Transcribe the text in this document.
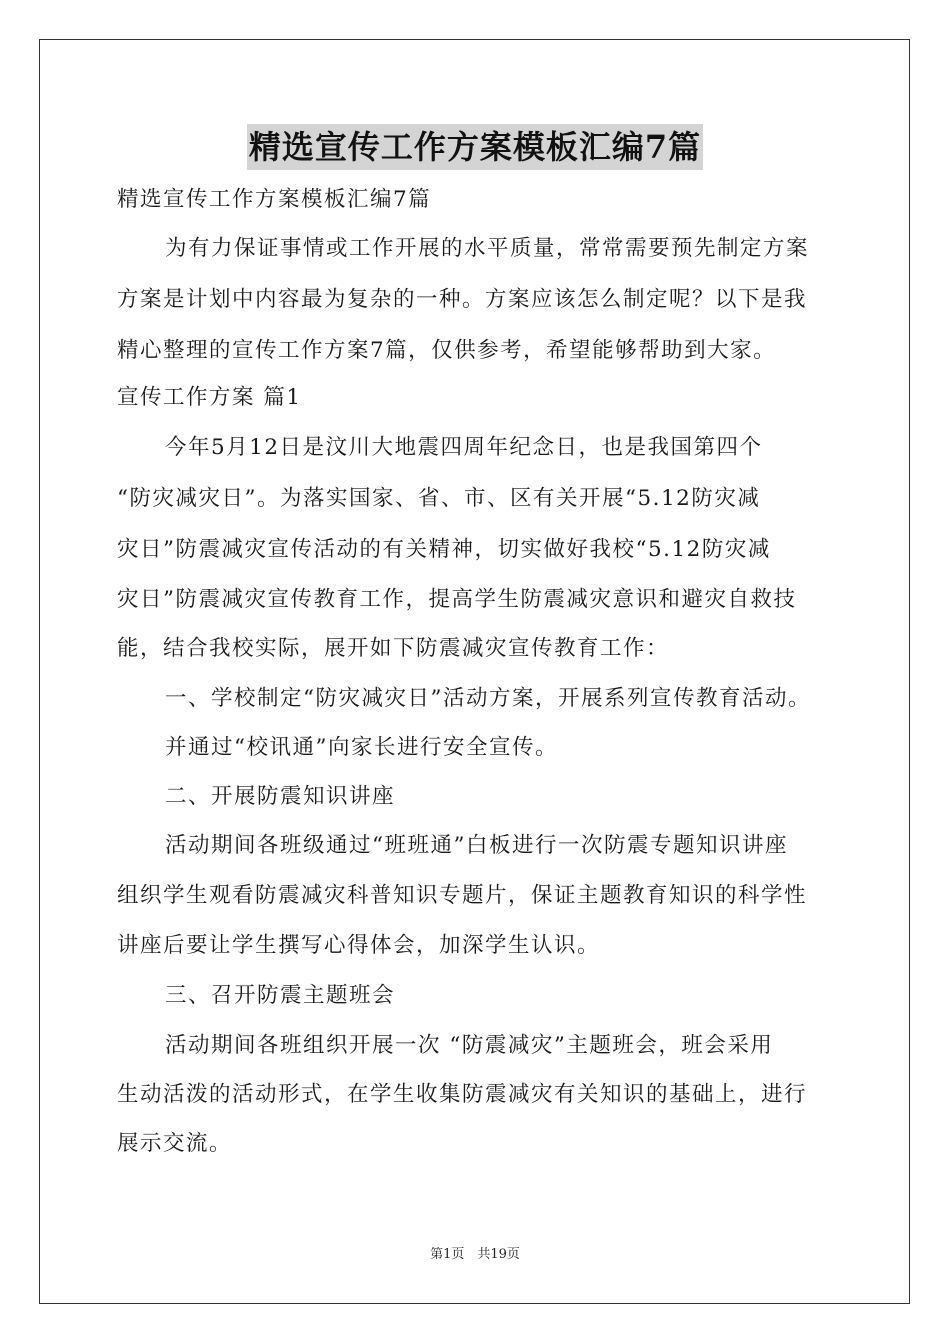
精选宣传工作方案模板汇编7篇
精选宣传工作方案模板汇编7篇
为有力保证事情或工作开展的水平质量，常常需要预先制定方案
方案是计划中内容最为复杂的一种。方案应该怎么制定呢？以下是我
精心整理的宣传工作方案7篇，仅供参考，希望能够帮助到大家。
宣传工作方案 篇1
今年5月12日是汶川大地震四周年纪念日，也是我国第四个
“防灾减灾日”。为落实国家、省、市、区有关开展“5.12防灾减
灾日”防震减灾宣传活动的有关精神，切实做好我校“5.12防灾减
灾日”防震减灾宣传教育工作，提高学生防震减灾意识和避灾自救技
能，结合我校实际，展开如下防震减灾宣传教育工作：
一、学校制定“防灾减灾日”活动方案，开展系列宣传教育活动。
并通过“校讯通”向家长进行安全宣传。
二、开展防震知识讲座
活动期间各班级通过“班班通”白板进行一次防震专题知识讲座
组织学生观看防震减灾科普知识专题片，保证主题教育知识的科学性
讲座后要让学生撰写心得体会，加深学生认识。
三、召开防震主题班会
活动期间各班组织开展一次 “防震减灾”主题班会，班会采用
生动活泼的活动形式，在学生收集防震减灾有关知识的基础上，进行
展示交流。
第1页　共19页
